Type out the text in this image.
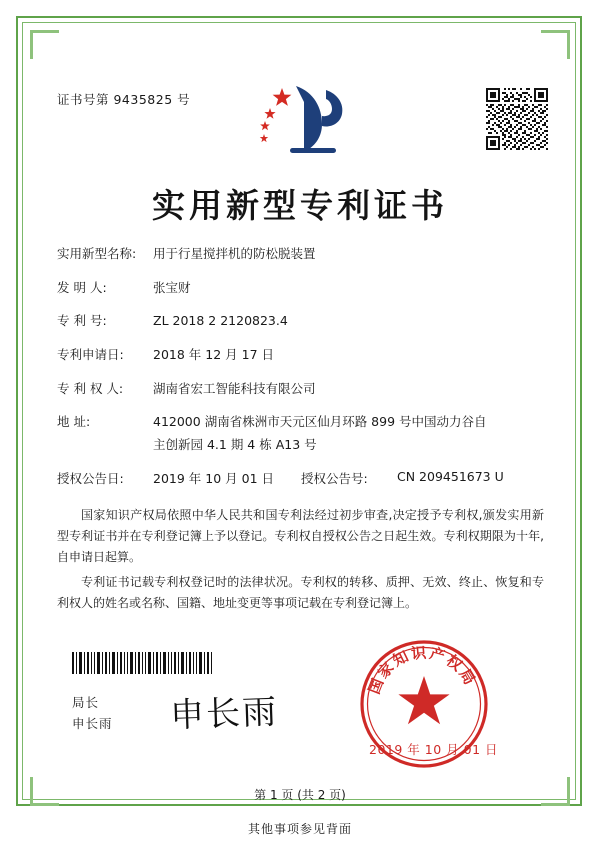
证书号第 9435825 号
实用新型专利证书
实用新型名称:	用于行星搅拌机的防松脱装置
发 明 人:	张宝财
专 利 号:	ZL 2018 2 2120823.4
专利申请日:	2018 年 12 月 17 日
专 利 权 人:	湖南省宏工智能科技有限公司
地 址:	412000 湖南省株洲市天元区仙月环路 899 号中国动力谷自
主创新园 4.1 期 4 栋 A13 号
授权公告日:	2019 年 10 月 01 日 授权公告号:	CN 209451673 U

国家知识产权局依照中华人民共和国专利法经过初步审查,决定授予专利权,颁发实用新型专利证书并在专利登记簿上予以登记。专利权自授权公告之日起生效。专利权期限为十年,自申请日起算。

专利证书记载专利权登记时的法律状况。专利权的转移、质押、无效、终止、恢复和专利权人的姓名或名称、国籍、地址变更等事项记载在专利登记簿上。

局长
申长雨 申长雨
国家知识产权局
2019 年 10 月 01 日
第 1 页 (共 2 页)
其他事项参见背面
